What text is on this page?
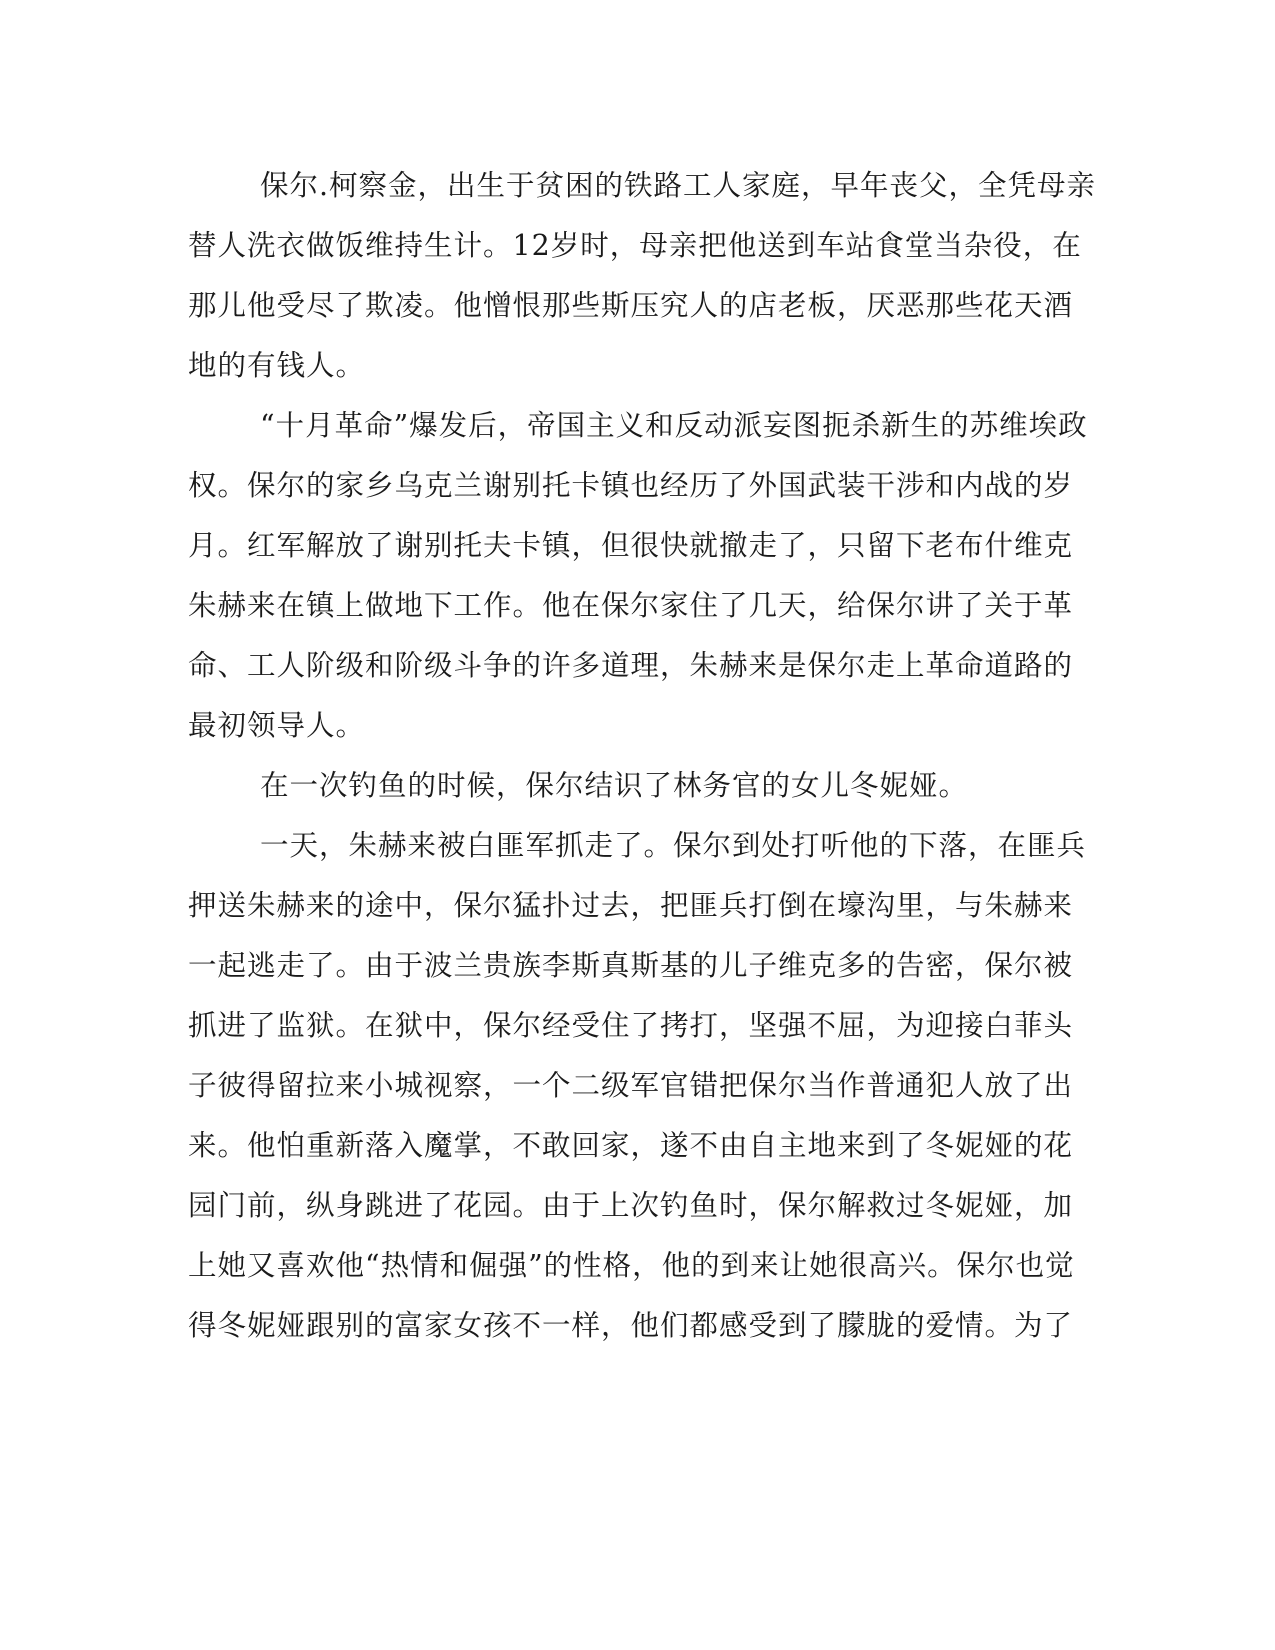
保尔.柯察金，出生于贫困的铁路工人家庭，早年丧父，全凭母亲
替人洗衣做饭维持生计。12岁时，母亲把他送到车站食堂当杂役，在
那儿他受尽了欺凌。他憎恨那些斯压究人的店老板，厌恶那些花天酒
地的有钱人。
“十月革命”爆发后，帝国主义和反动派妄图扼杀新生的苏维埃政
权。保尔的家乡乌克兰谢别托卡镇也经历了外国武装干涉和内战的岁
月。红军解放了谢别托夫卡镇，但很快就撤走了，只留下老布什维克
朱赫来在镇上做地下工作。他在保尔家住了几天，给保尔讲了关于革
命、工人阶级和阶级斗争的许多道理，朱赫来是保尔走上革命道路的
最初领导人。
在一次钓鱼的时候，保尔结识了林务官的女儿冬妮娅。
一天，朱赫来被白匪军抓走了。保尔到处打听他的下落，在匪兵
押送朱赫来的途中，保尔猛扑过去，把匪兵打倒在壕沟里，与朱赫来
一起逃走了。由于波兰贵族李斯真斯基的儿子维克多的告密，保尔被
抓进了监狱。在狱中，保尔经受住了拷打，坚强不屈，为迎接白菲头
子彼得留拉来小城视察，一个二级军官错把保尔当作普通犯人放了出
来。他怕重新落入魔掌，不敢回家，遂不由自主地来到了冬妮娅的花
园门前，纵身跳进了花园。由于上次钓鱼时，保尔解救过冬妮娅，加
上她又喜欢他“热情和倔强”的性格，他的到来让她很高兴。保尔也觉
得冬妮娅跟别的富家女孩不一样，他们都感受到了朦胧的爱情。为了
